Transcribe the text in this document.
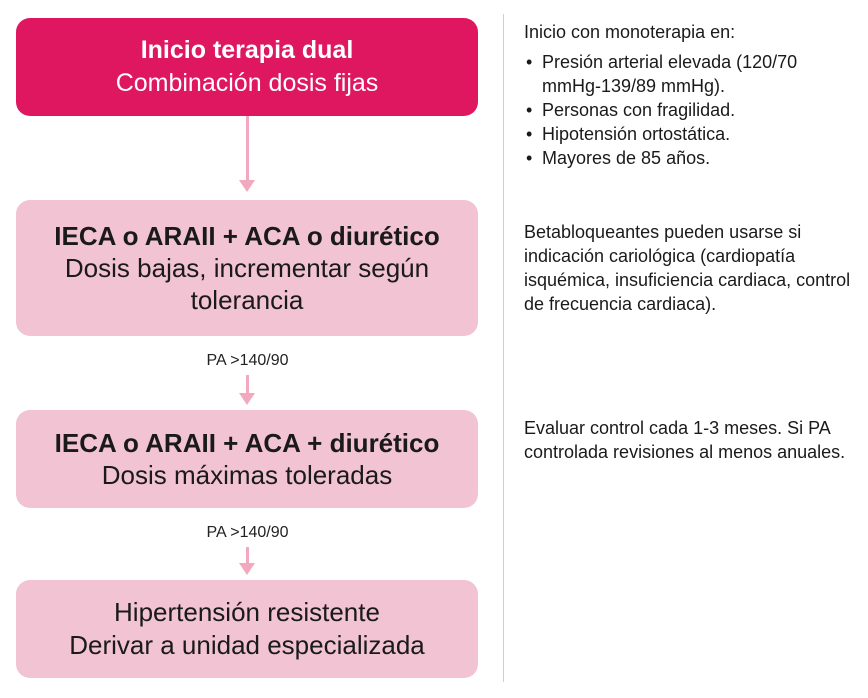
Inicio terapia dual
Combinación dosis fijas
IECA o ARAII + ACA o diurético
Dosis bajas, incrementar según
tolerancia
PA >140/90
IECA o ARAII + ACA + diurético
Dosis máximas toleradas
PA >140/90
Hipertensión resistente
Derivar a unidad especializada
Inicio con monoterapia en:
• Presión arterial elevada (120/70 mmHg-139/89 mmHg).
• Personas con fragilidad.
• Hipotensión ortostática.
• Mayores de 85 años.
Betabloqueantes pueden usarse si indicación cariológica (cardiopatía isquémica, insuficiencia cardiaca, control de frecuencia cardiaca).
Evaluar control cada 1-3 meses. Si PA controlada revisiones al menos anuales.
